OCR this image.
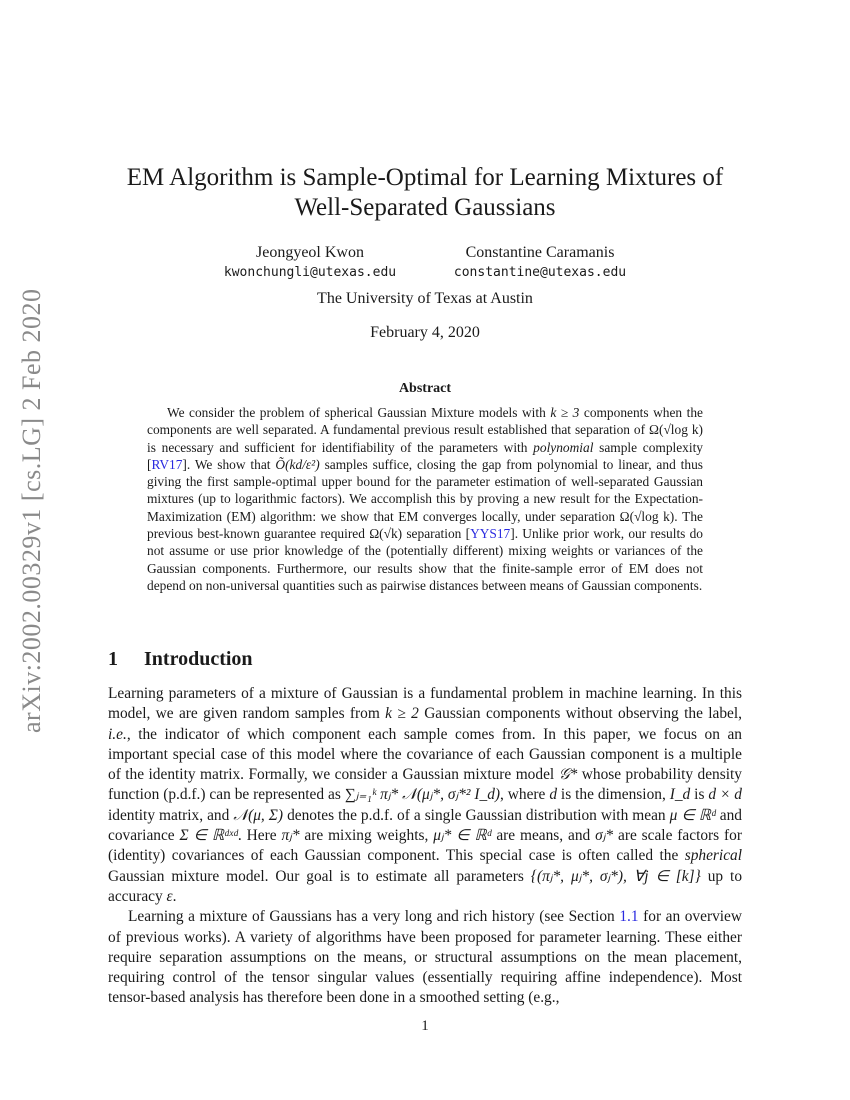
arXiv:2002.00329v1 [cs.LG] 2 Feb 2020
EM Algorithm is Sample-Optimal for Learning Mixtures of
Well-Separated Gaussians
Jeongyeol Kwon
kwonchungli@utexas.edu
Constantine Caramanis
constantine@utexas.edu
The University of Texas at Austin
February 4, 2020
Abstract

We consider the problem of spherical Gaussian Mixture models with k ≥ 3 components when the components are well separated. A fundamental previous result established that separation of Ω(√log k) is necessary and sufficient for identifiability of the parameters with polynomial sample complexity [RV17]. We show that Õ(kd/ε²) samples suffice, closing the gap from polynomial to linear, and thus giving the first sample-optimal upper bound for the parameter estimation of well-separated Gaussian mixtures (up to logarithmic factors). We accomplish this by proving a new result for the Expectation-Maximization (EM) algorithm: we show that EM converges locally, under separation Ω(√log k). The previous best-known guarantee required Ω(√k) separation [YYS17]. Unlike prior work, our results do not assume or use prior knowledge of the (potentially different) mixing weights or variances of the Gaussian components. Furthermore, our results show that the finite-sample error of EM does not depend on non-universal quantities such as pairwise distances between means of Gaussian components.

1 Introduction

Learning parameters of a mixture of Gaussian is a fundamental problem in machine learning. In this model, we are given random samples from k ≥ 2 Gaussian components without observing the label, i.e., the indicator of which component each sample comes from. In this paper, we focus on an important special case of this model where the covariance of each Gaussian component is a multiple of the identity matrix. Formally, we consider a Gaussian mixture model 𝒢* whose probability density function (p.d.f.) can be represented as ∑ⱼ₌₁ᵏ πⱼ* 𝒩(μⱼ*, σⱼ*² I_d), where d is the dimension, I_d is d × d identity matrix, and 𝒩(μ, Σ) denotes the p.d.f. of a single Gaussian distribution with mean μ ∈ ℝᵈ and covariance Σ ∈ ℝᵈˣᵈ. Here πⱼ* are mixing weights, μⱼ* ∈ ℝᵈ are means, and σⱼ* are scale factors for (identity) covariances of each Gaussian component. This special case is often called the spherical Gaussian mixture model. Our goal is to estimate all parameters {(πⱼ*, μⱼ*, σⱼ*), ∀j ∈ [k]} up to accuracy ε.

Learning a mixture of Gaussians has a very long and rich history (see Section 1.1 for an overview of previous works). A variety of algorithms have been proposed for parameter learning. These either require separation assumptions on the means, or structural assumptions on the mean placement, requiring control of the tensor singular values (essentially requiring affine independence). Most tensor-based analysis has therefore been done in a smoothed setting (e.g.,

1
